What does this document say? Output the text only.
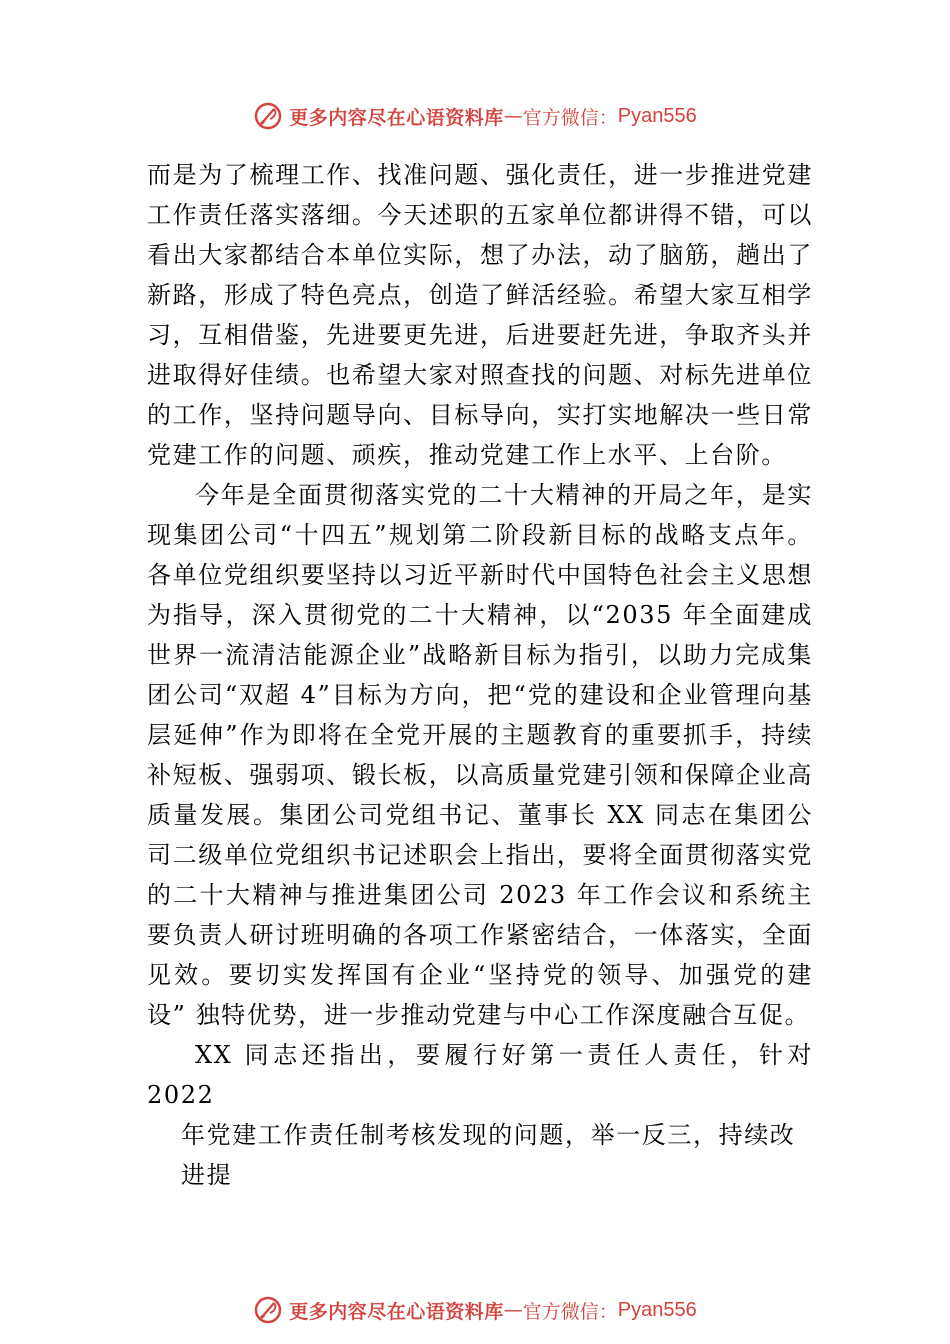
更多内容尽在心语资料库 — 官方微信： Pyan556

而是为了梳理工作、找准问题、强化责任，进一步推进党建工作责任落实落细。今天述职的五家单位都讲得不错，可以看出大家都结合本单位实际，想了办法，动了脑筋，趟出了新路，形成了特色亮点，创造了鲜活经验。希望大家互相学习，互相借鉴，先进要更先进，后进要赶先进，争取齐头并进取得好佳绩。也希望大家对照查找的问题、对标先进单位的工作，坚持问题导向、目标导向，实打实地解决一些日常党建工作的问题、顽疾，推动党建工作上水平、上台阶。

今年是全面贯彻落实党的二十大精神的开局之年，是实现集团公司“十四五”规划第二阶段新目标的战略支点年。 各单位党组织要坚持以习近平新时代中国特色社会主义思想为指导，深入贯彻党的二十大精神，以“2035 年全面建成世界一流清洁能源企业”战略新目标为指引，以助力完成集团公司“双超 4”目标为方向，把“党的建设和企业管理向基层延伸”作为即将在全党开展的主题教育的重要抓手，持续补短板、强弱项、锻长板，以高质量党建引领和保障企业高质量发展。集团公司党组书记、董事长 XX 同志在集团公司二级单位党组织书记述职会上指出，要将全面贯彻落实党的二十大精神与推进集团公司 2023 年工作会议和系统主要负责人研讨班明确的各项工作紧密结合，一体落实，全面见效。要切实发挥国有企业“坚持党的领导、加强党的建设” 独特优势，进一步推动党建与中心工作深度融合互促。

XX 同志还指出，要履行好第一责任人责任，针对 2022

年党建工作责任制考核发现的问题，举一反三，持续改进提

更多内容尽在心语资料库 — 官方微信： Pyan556
